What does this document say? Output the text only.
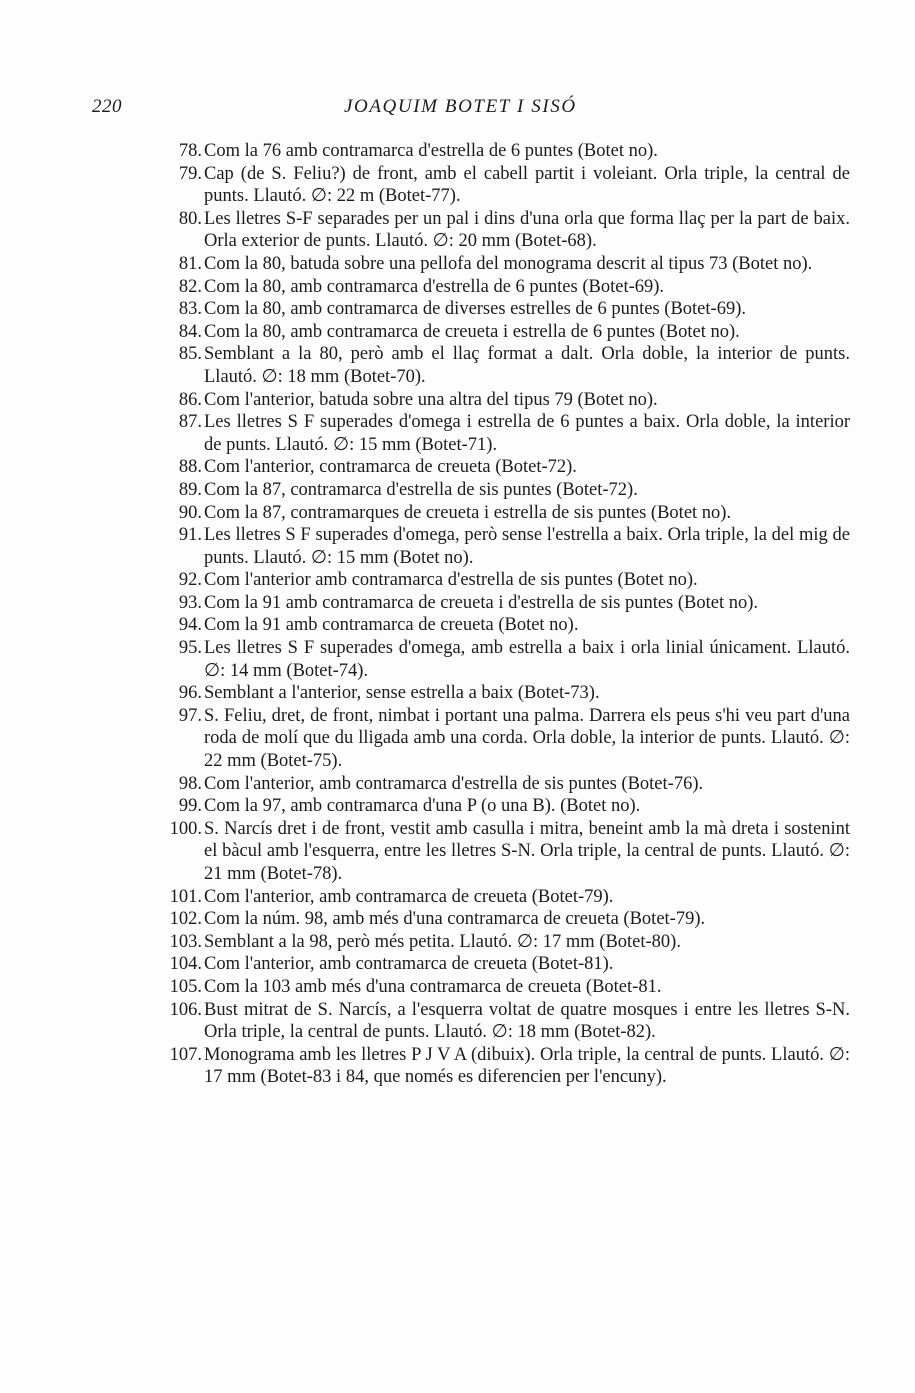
220	JOAQUIM BOTET I SISÓ
78. Com la 76 amb contramarca d'estrella de 6 puntes (Botet no).
79. Cap (de S. Feliu?) de front, amb el cabell partit i voleiant. Orla triple, la central de punts. Llautó. ∅: 22 m (Botet-77).
80. Les lletres S-F separades per un pal i dins d'una orla que forma llaç per la part de baix. Orla exterior de punts. Llautó. ∅: 20 mm (Botet-68).
81. Com la 80, batuda sobre una pellofa del monograma descrit al tipus 73 (Botet no).
82. Com la 80, amb contramarca d'estrella de 6 puntes (Botet-69).
83. Com la 80, amb contramarca de diverses estrelles de 6 puntes (Botet-69).
84. Com la 80, amb contramarca de creueta i estrella de 6 puntes (Botet no).
85. Semblant a la 80, però amb el llaç format a dalt. Orla doble, la interior de punts. Llautó. ∅: 18 mm (Botet-70).
86. Com l'anterior, batuda sobre una altra del tipus 79 (Botet no).
87. Les lletres S F superades d'omega i estrella de 6 puntes a baix. Orla doble, la interior de punts. Llautó. ∅: 15 mm (Botet-71).
88. Com l'anterior, contramarca de creueta (Botet-72).
89. Com la 87, contramarca d'estrella de sis puntes (Botet-72).
90. Com la 87, contramarques de creueta i estrella de sis puntes (Botet no).
91. Les lletres S F superades d'omega, però sense l'estrella a baix. Orla triple, la del mig de punts. Llautó. ∅: 15 mm (Botet no).
92. Com l'anterior amb contramarca d'estrella de sis puntes (Botet no).
93. Com la 91 amb contramarca de creueta i d'estrella de sis puntes (Botet no).
94. Com la 91 amb contramarca de creueta (Botet no).
95. Les lletres S F superades d'omega, amb estrella a baix i orla linial únicament. Llautó. ∅: 14 mm (Botet-74).
96. Semblant a l'anterior, sense estrella a baix (Botet-73).
97. S. Feliu, dret, de front, nimbat i portant una palma. Darrera els peus s'hi veu part d'una roda de molí que du lligada amb una corda. Orla doble, la interior de punts. Llautó. ∅: 22 mm (Botet-75).
98. Com l'anterior, amb contramarca d'estrella de sis puntes (Botet-76).
99. Com la 97, amb contramarca d'una P (o una B). (Botet no).
100. S. Narcís dret i de front, vestit amb casulla i mitra, beneint amb la mà dreta i sostenint el bàcul amb l'esquerra, entre les lletres S-N. Orla triple, la central de punts. Llautó. ∅: 21 mm (Botet-78).
101. Com l'anterior, amb contramarca de creueta (Botet-79).
102. Com la núm. 98, amb més d'una contramarca de creueta (Botet-79).
103. Semblant a la 98, però més petita. Llautó. ∅: 17 mm (Botet-80).
104. Com l'anterior, amb contramarca de creueta (Botet-81).
105. Com la 103 amb més d'una contramarca de creueta (Botet-81.
106. Bust mitrat de S. Narcís, a l'esquerra voltat de quatre mosques i entre les lletres S-N. Orla triple, la central de punts. Llautó. ∅: 18 mm (Botet-82).
107. Monograma amb les lletres P J V A (dibuix). Orla triple, la central de punts. Llautó. ∅: 17 mm (Botet-83 i 84, que només es diferencien per l'encuny).
